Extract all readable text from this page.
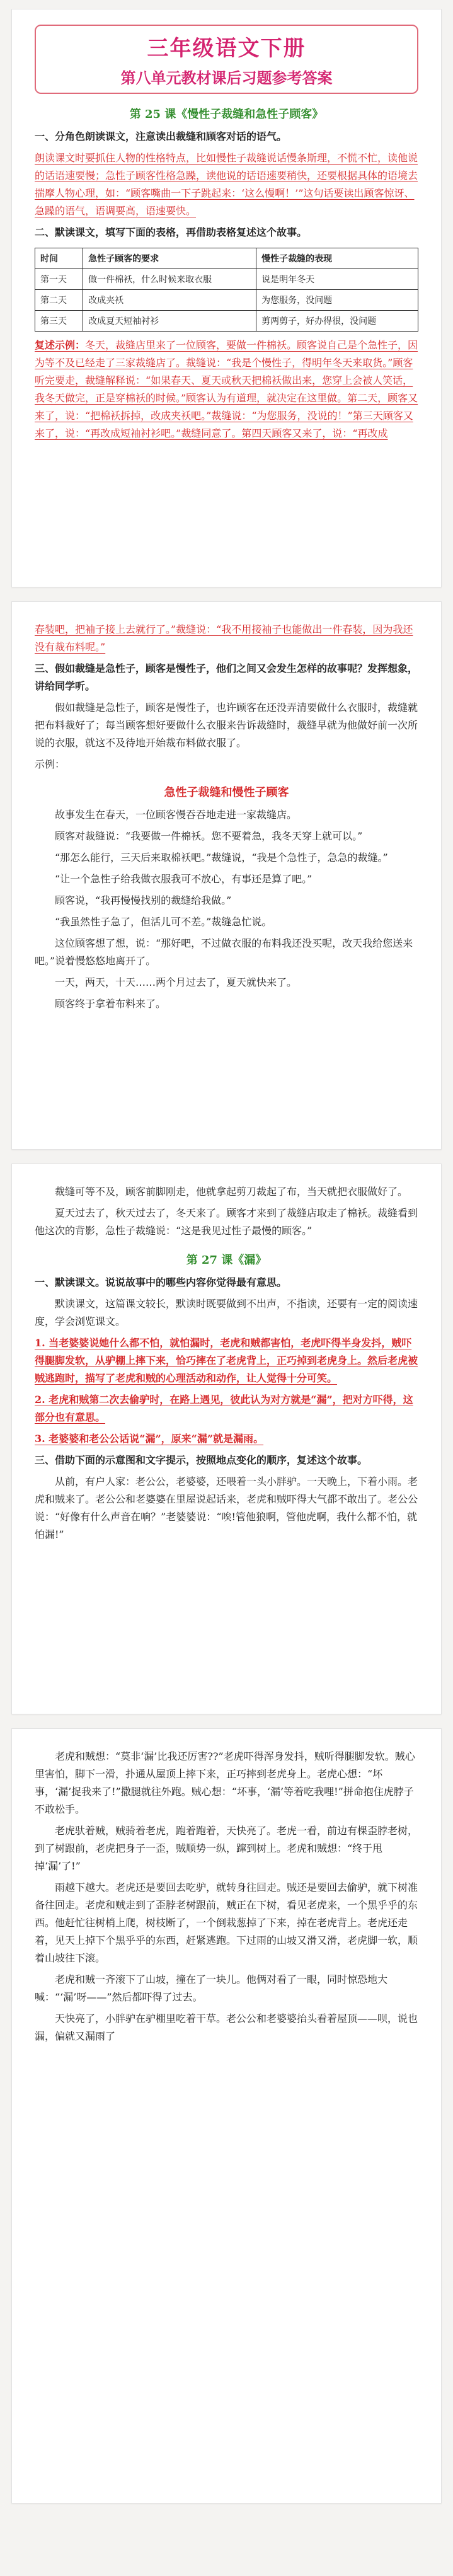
三年级语文下册
第八单元教材课后习题参考答案
第 25 课《慢性子裁缝和急性子顾客》
一、分角色朗读课文，注意读出裁缝和顾客对话的语气。
朗读课文时要抓住人物的性格特点，比如慢性子裁缝说话慢条斯理，不慌不忙，读他说的话语速要慢；急性子顾客性格急躁，读他说的话语速要稍快，还要根据具体的语境去揣摩人物心理，如：“顾客嘴曲一下子跳起来：‘这么慢啊！’”这句话要读出顾客惊讶、急躁的语气，语调要高，语速要快。
二、默读课文，填写下面的表格，再借助表格复述这个故事。
时间	急性子顾客的要求	慢性子裁缝的表现
第一天	做一件棉袄，什么时候来取衣服	说是明年冬天
第二天	改成夹袄	为您服务，没问题
第三天	改成夏天短袖衬衫	剪两剪子，好办得很，没问题
复述示例：冬天，裁缝店里来了一位顾客，要做一件棉袄。顾客说自己是个急性子，因为等不及已经走了三家裁缝店了。裁缝说：“我是个慢性子，得明年冬天来取货。”顾客听完要走，裁缝解释说：“如果春天、夏天或秋天把棉袄做出来，您穿上会被人笑话，我冬天做完，正是穿棉袄的时候。”顾客认为有道理，就决定在这里做。第二天，顾客又来了，说：“把棉袄拆掉，改成夹袄吧。”裁缝说：“为您服务，没说的！”第三天顾客又来了，说：“再改成短袖衬衫吧。”裁缝同意了。第四天顾客又来了，说：“再改成
春装吧，把袖子接上去就行了。”裁缝说：“我不用接袖子也能做出一件春装，因为我还没有裁布料呢。”
三、假如裁缝是急性子，顾客是慢性子，他们之间又会发生怎样的故事呢？发挥想象，讲给同学听。
假如裁缝是急性子，顾客是慢性子，也许顾客在还没弄清要做什么衣服时，裁缝就把布料裁好了；每当顾客想好要做什么衣服来告诉裁缝时，裁缝早就为他做好前一次所说的衣服，就这不及待地开始裁布料做衣服了。
示例：
急性子裁缝和慢性子顾客
故事发生在春天，一位顾客慢吞吞地走进一家裁缝店。
顾客对裁缝说：“我要做一件棉袄。您不要着急，我冬天穿上就可以。”
“那怎么能行，三天后来取棉袄吧。”裁缝说，“我是个急性子，急急的裁缝。”
“让一个急性子给我做衣服我可不放心，有事还是算了吧。”
顾客说，“我再慢慢找别的裁缝给我做。”
“我虽然性子急了，但活儿可不差。”裁缝急忙说。
这位顾客想了想，说：“那好吧，不过做衣服的布料我还没买呢，改天我给您送来吧。”说着慢悠悠地离开了。
一天，两天，十天……两个月过去了，夏天就快来了。
顾客终于拿着布料来了。
裁缝可等不及，顾客前脚刚走，他就拿起剪刀裁起了布，当天就把衣服做好了。
夏天过去了，秋天过去了，冬天来了。顾客才来到了裁缝店取走了棉袄。裁缝看到他这次的背影，急性子裁缝说：“这是我见过性子最慢的顾客。”
第 27 课《漏》
一、默读课文。说说故事中的哪些内容你觉得最有意思。
默读课文，这篇课文较长，默读时既要做到不出声，不指读，还要有一定的阅读速度，学会浏览课文。
1. 当老婆婆说她什么都不怕，就怕漏时，老虎和贼都害怕，老虎吓得半身发抖，贼吓得腿脚发软，从驴棚上摔下来，恰巧摔在了老虎背上，正巧掉到老虎身上。然后老虎被贼逃跑时，描写了老虎和贼的心理活动和动作，让人觉得十分可笑。
2. 老虎和贼第二次去偷驴时，在路上遇见，彼此认为对方就是“漏”，把对方吓得，这部分也有意思。
3. 老婆婆和老公公话说“漏”，原来“漏”就是漏雨。
三、借助下面的示意图和文字提示，按照地点变化的顺序，复述这个故事。
从前，有户人家：老公公，老婆婆，还喂着一头小胖驴。一天晚上，下着小雨。老虎和贼来了。老公公和老婆婆在里屋说起话来，老虎和贼吓得大气都不敢出了。老公公说：“好像有什么声音在响？”老婆婆说：“唉!管他狼啊，管他虎啊，我什么都不怕，就怕漏!”
老虎和贼想：“莫非‘漏’比我还厉害??”老虎吓得浑身发抖，贼听得腿脚发软。贼心里害怕，脚下一滑，扑通从屋顶上摔下来，正巧摔到老虎身上。老虎心想：“坏事，‘漏’捉我来了!”撒腿就往外跑。贼心想：“坏事，‘漏’等着吃我哩!”拼命抱住虎脖子不敢松手。
老虎驮着贼，贼骑着老虎，跑着跑着，天快亮了。老虎一看，前边有棵歪脖老树，到了树跟前，老虎把身子一歪，贼顺势一纵，蹿到树上。老虎和贼想：“终于甩掉‘漏’了!”
雨越下越大。老虎还是要回去吃驴，就转身往回走。贼还是要回去偷驴，就下树准备往回走。老虎和贼走到了歪脖老树跟前，贼正在下树，看见老虎来，一个黑乎乎的东西。他赶忙往树梢上爬，树枝断了，一个倒栽葱掉了下来，掉在老虎背上。老虎还走着，见天上掉下个黑乎乎的东西，赶紧逃跑。下过雨的山坡又滑又滑，老虎脚一软，顺着山坡往下滚。
老虎和贼一齐滚下了山坡，撞在了一块儿。他俩对看了一眼，同时惊恐地大喊：“‘漏’呀——”然后都吓得了过去。
天快亮了，小胖驴在驴棚里吃着干草。老公公和老婆婆抬头看着屋顶——呗，说也漏，偏就又漏雨了
